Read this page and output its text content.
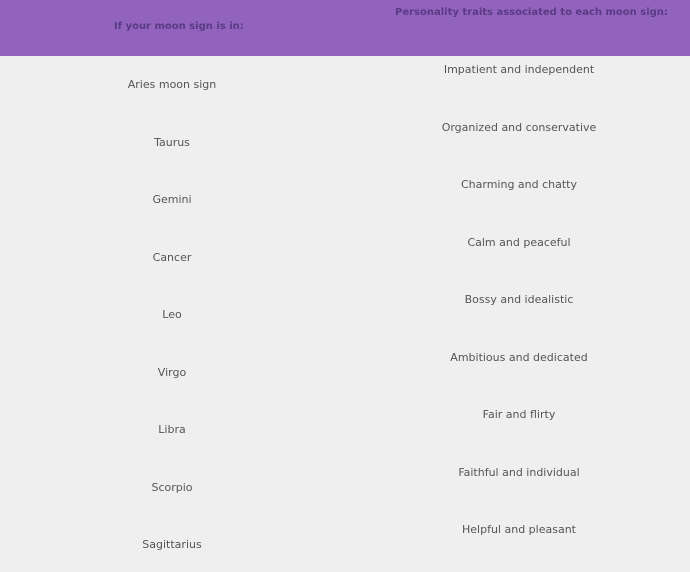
If your moon sign is in:
Personality traits associated to each moon sign:
Aries moon sign
Impatient and independent
Taurus
Organized and conservative
Gemini
Charming and chatty
Cancer
Calm and peaceful
Leo
Bossy and idealistic
Virgo
Ambitious and dedicated
Libra
Fair and flirty
Scorpio
Faithful and individual
Sagittarius
Helpful and pleasant
